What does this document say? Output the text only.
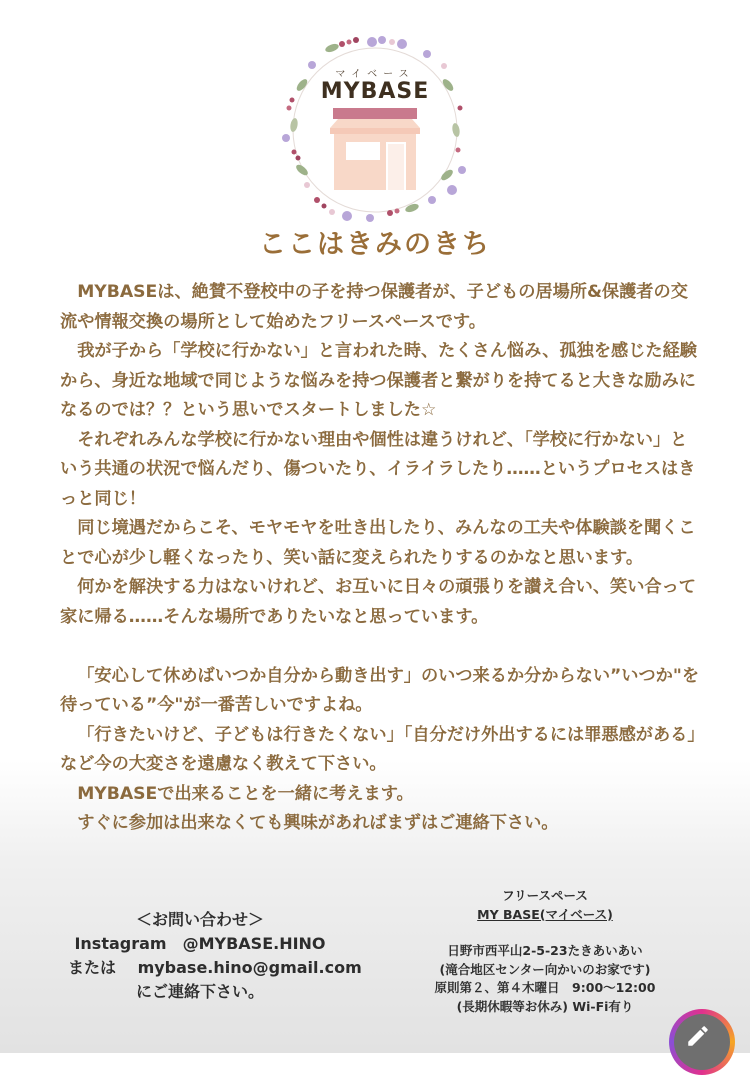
マイベース
MYBASE
ここはきみのきち

MYBASEは、絶賛不登校中の子を持つ保護者が、子どもの居場所&保護者の交流や情報交換の場所として始めたフリースペースです。

我が子から「学校に行かない」と言われた時、たくさん悩み、孤独を感じた経験から、身近な地域で同じような悩みを持つ保護者と繋がりを持てると大きな励みになるのでは？？という思いでスタートしました☆

それぞれみんな学校に行かない理由や個性は違うけれど、「学校に行かない」という共通の状況で悩んだり、傷ついたり、イライラしたり……というプロセスはきっと同じ！

同じ境遇だからこそ、モヤモヤを吐き出したり、みんなの工夫や体験談を聞くことで心が少し軽くなったり、笑い話に変えられたりするのかなと思います。

何かを解決する力はないけれど、お互いに日々の頑張りを讃え合い、笑い合って家に帰る……そんな場所でありたいなと思っています。

「安心して休めばいつか自分から動き出す」のいつ来るか分からない”いつか"を待っている”今"が一番苦しいですよね。

「行きたいけど、子どもは行きたくない」「自分だけ外出するには罪悪感がある」など今の大変さを遠慮なく教えて下さい。

MYBASEで出来ることを一緒に考えます。

すぐに参加は出来なくても興味があればまずはご連絡下さい。

＜お問い合わせ＞
Instagram　@MYBASE.HINO
または　 mybase.hino@gmail.com
にご連絡下さい。
フリースペース
MY BASE(マイベース)
日野市西平山2-5-23たきあいあい
(滝合地区センター向かいのお家です)
原則第２、第４木曜日　9:00～12:00
(長期休暇等お休み) Wi-Fi有り
